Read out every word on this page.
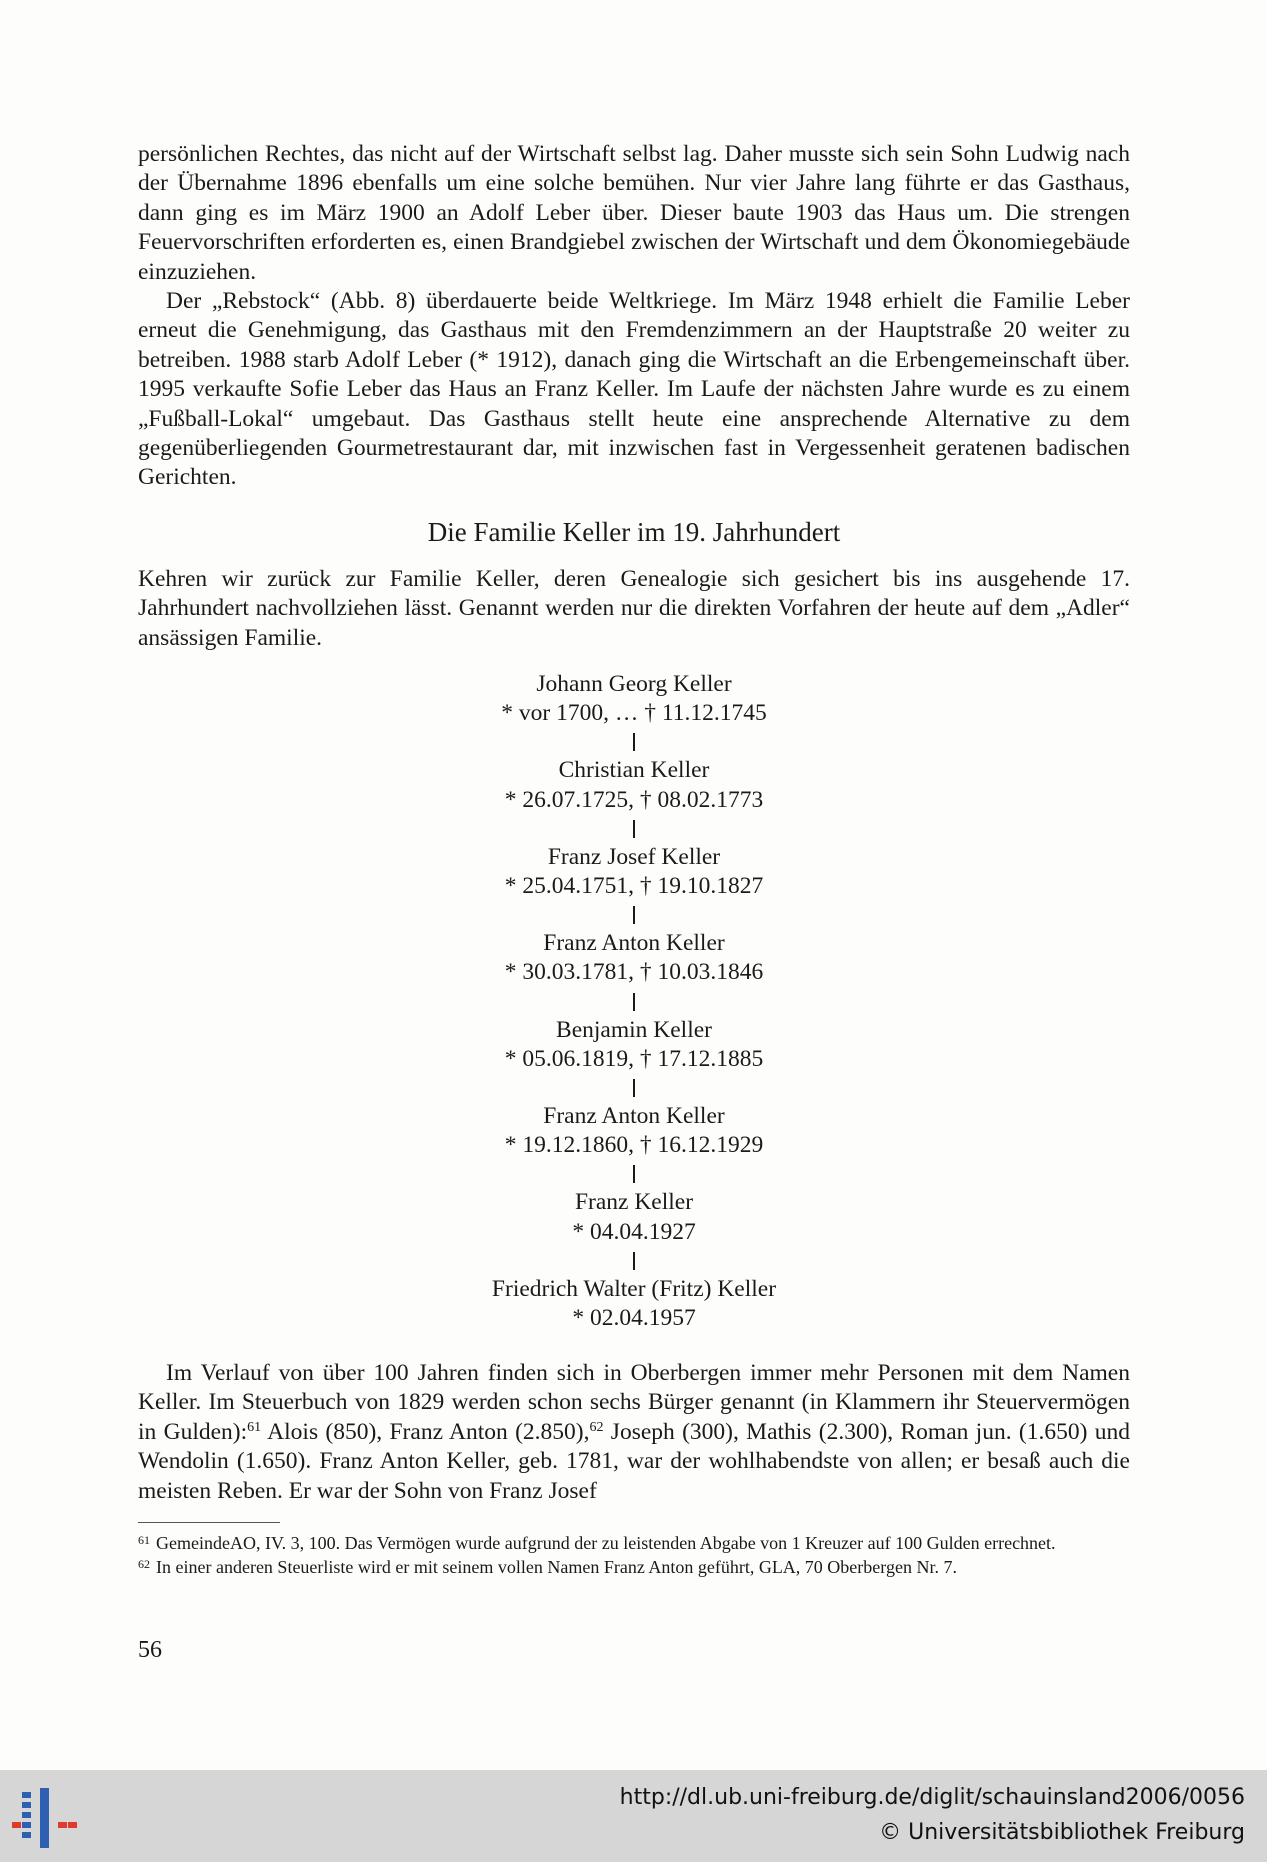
persönlichen Rechtes, das nicht auf der Wirtschaft selbst lag. Daher musste sich sein Sohn Ludwig nach der Übernahme 1896 ebenfalls um eine solche bemühen. Nur vier Jahre lang führte er das Gasthaus, dann ging es im März 1900 an Adolf Leber über. Dieser baute 1903 das Haus um. Die strengen Feuervorschriften erforderten es, einen Brandgiebel zwischen der Wirtschaft und dem Ökonomiegebäude einzuziehen.

Der „Rebstock“ (Abb. 8) überdauerte beide Weltkriege. Im März 1948 erhielt die Familie Leber erneut die Genehmigung, das Gasthaus mit den Fremdenzimmern an der Hauptstraße 20 weiter zu betreiben. 1988 starb Adolf Leber (* 1912), danach ging die Wirtschaft an die Erbengemeinschaft über. 1995 verkaufte Sofie Leber das Haus an Franz Keller. Im Laufe der nächsten Jahre wurde es zu einem „Fußball-Lokal“ umgebaut. Das Gasthaus stellt heute eine ansprechende Alternative zu dem gegenüberliegenden Gourmetrestaurant dar, mit inzwischen fast in Vergessenheit geratenen badischen Gerichten.

Die Familie Keller im 19. Jahrhundert

Kehren wir zurück zur Familie Keller, deren Genealogie sich gesichert bis ins ausgehende 17. Jahrhundert nachvollziehen lässt. Genannt werden nur die direkten Vorfahren der heute auf dem „Adler“ ansässigen Familie.

Johann Georg Keller
* vor 1700, … † 11.12.1745
Christian Keller
* 26.07.1725, † 08.02.1773
Franz Josef Keller
* 25.04.1751, † 19.10.1827
Franz Anton Keller
* 30.03.1781, † 10.03.1846
Benjamin Keller
* 05.06.1819, † 17.12.1885
Franz Anton Keller
* 19.12.1860, † 16.12.1929
Franz Keller
* 04.04.1927
Friedrich Walter (Fritz) Keller
* 02.04.1957

Im Verlauf von über 100 Jahren finden sich in Oberbergen immer mehr Personen mit dem Namen Keller. Im Steuerbuch von 1829 werden schon sechs Bürger genannt (in Klammern ihr Steuervermögen in Gulden):$^{61}$ Alois (850), Franz Anton (2.850),$^{62}$ Joseph (300), Mathis (2.300), Roman jun. (1.650) und Wendolin (1.650). Franz Anton Keller, geb. 1781, war der wohlhabendste von allen; er besaß auch die meisten Reben. Er war der Sohn von Franz Josef

$^{61}$ GemeindeAO, IV. 3, 100. Das Vermögen wurde aufgrund der zu leistenden Abgabe von 1 Kreuzer auf 100 Gulden errechnet.

$^{62}$ In einer anderen Steuerliste wird er mit seinem vollen Namen Franz Anton geführt, GLA, 70 Oberbergen Nr. 7.

56
http://dl.ub.uni-freiburg.de/diglit/schauinsland2006/0056
© Universitätsbibliothek Freiburg
